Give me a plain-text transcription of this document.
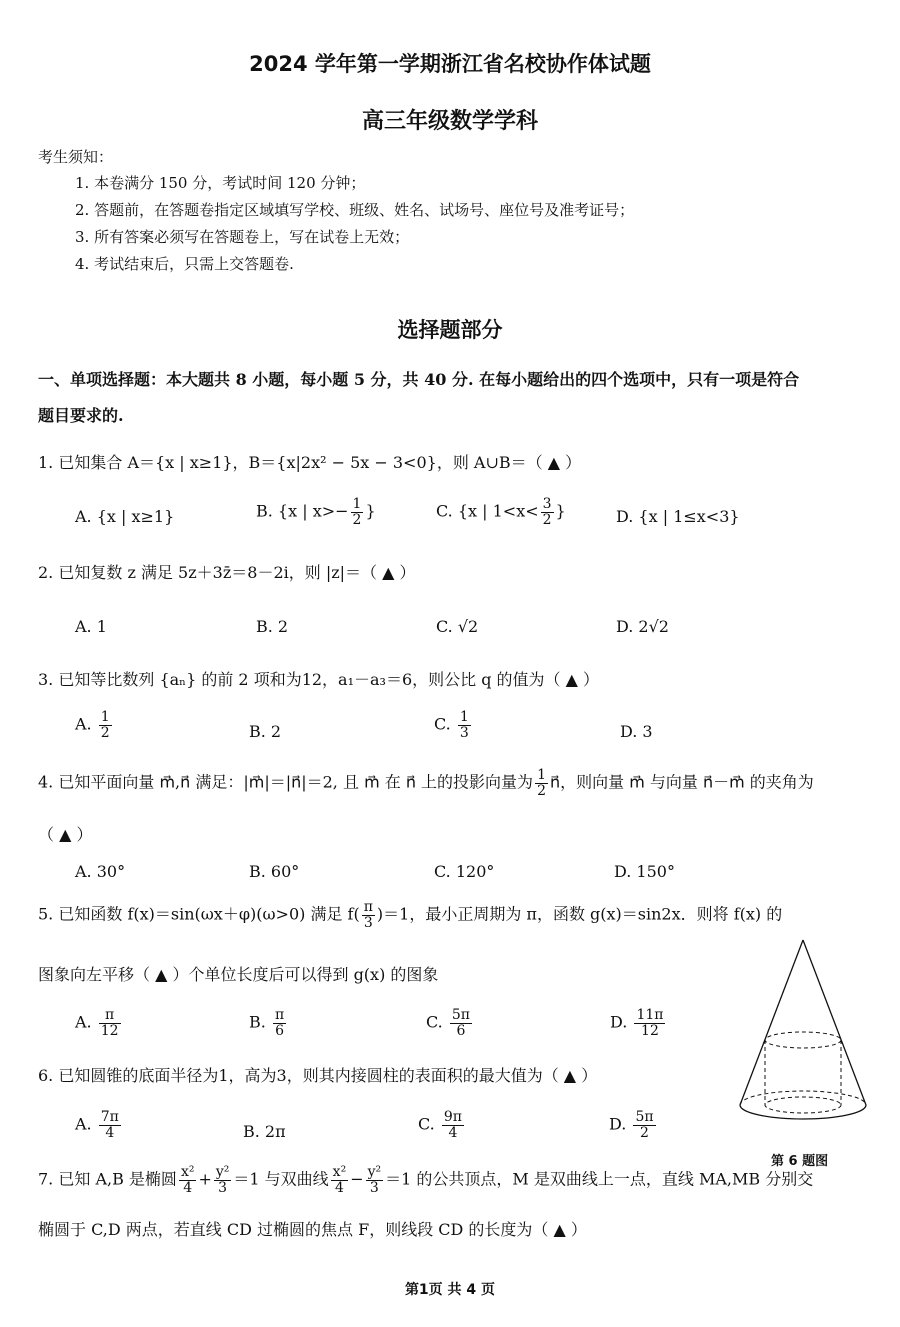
2024 学年第一学期浙江省名校协作体试题
高三年级数学学科
考生须知：
1. 本卷满分 150 分，考试时间 120 分钟；
2. 答题前，在答题卷指定区域填写学校、班级、姓名、试场号、座位号及准考证号；
3. 所有答案必须写在答题卷上，写在试卷上无效；
4. 考试结束后，只需上交答题卷.
选择题部分
一、单项选择题：本大题共 8 小题，每小题 5 分，共 40 分. 在每小题给出的四个选项中，只有一项是符合
题目要求的.
1. 已知集合 A＝{x | x≥1}，B＝{x|2x² − 5x − 3<0}，则 A∪B＝（ ▲ ）
A. {x | x≥1}	B. {x | $x>- \frac{1}{2}$ }	C. {x | $1<x< \frac{3}{2}$ }	D. {x | 1≤x<3}
2. 已知复数 z 满足 5z＋3z̄＝8－2i，则 |z|＝（ ▲ ）
A. 1	B. 2	C. √2	D. 2√2
3. 已知等比数列 {aₙ} 的前 2 项和为12，a₁－a₃＝6，则公比 q 的值为（ ▲ ）
A. $\frac{1}{2}$	B. 2	C. $\frac{1}{3}$	D. 3
4. 已知平面向量 m⃗,n⃗ 满足：|m⃗|＝|n⃗|＝2, 且 m⃗ 在 n⃗ 上的投影向量为 $\frac{1}{2}$ n⃗，则向量 m⃗ 与向量 n⃗－m⃗ 的夹角为
（ ▲ ）
A. 30°	B. 60°	C. 120°	D. 150°
5. 已知函数 f(x)＝sin(ωx＋φ)(ω>0) 满足 $f( \frac{\pi}{3} )=1$，最小正周期为 π，函数 g(x)＝sin2x．则将 f(x) 的
图象向左平移（ ▲ ）个单位长度后可以得到 g(x) 的图象
A. $\frac{\pi}{12}$	B. $\frac{\pi}{6}$	C. $\frac{5\pi}{6}$	D. $\frac{11\pi}{12}$
6. 已知圆锥的底面半径为1，高为3，则其内接圆柱的表面积的最大值为（ ▲ ）
A. $\frac{7\pi}{4}$	B. 2π	C. $\frac{9\pi}{4}$	D. $\frac{5\pi}{2}$
第 6 题图
7. 已知 A,B 是椭圆 $\frac{\text{x²}}{4} + \frac{\text{y²}}{3} =1$ 与双曲线 $\frac{\text{x²}}{4} - \frac{\text{y²}}{3} =1$ 的公共顶点，M 是双曲线上一点，直线 MA,MB 分别交
椭圆于 C,D 两点，若直线 CD 过椭圆的焦点 F，则线段 CD 的长度为（ ▲ ）
第1页 共 4 页
